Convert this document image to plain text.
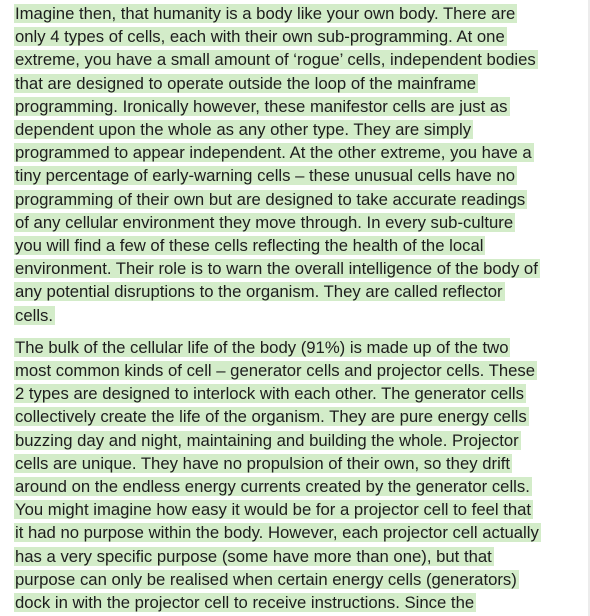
Imagine then, that humanity is a body like your own body. There are
only 4 types of cells, each with their own sub-programming. At one
extreme, you have a small amount of ‘rogue’ cells, independent bodies
that are designed to operate outside the loop of the mainframe
programming. Ironically however, these manifestor cells are just as
dependent upon the whole as any other type. They are simply
programmed to appear independent. At the other extreme, you have a
tiny percentage of early-warning cells – these unusual cells have no
programming of their own but are designed to take accurate readings
of any cellular environment they move through. In every sub-culture
you will find a few of these cells reflecting the health of the local
environment. Their role is to warn the overall intelligence of the body of
any potential disruptions to the organism. They are called reflector
cells.

The bulk of the cellular life of the body (91%) is made up of the two
most common kinds of cell – generator cells and projector cells. These
2 types are designed to interlock with each other. The generator cells
collectively create the life of the organism. They are pure energy cells
buzzing day and night, maintaining and building the whole. Projector
cells are unique. They have no propulsion of their own, so they drift
around on the endless energy currents created by the generator cells.
You might imagine how easy it would be for a projector cell to feel that
it had no purpose within the body. However, each projector cell actually
has a very specific purpose (some have more than one), but that
purpose can only be realised when certain energy cells (generators)
dock in with the projector cell to receive instructions. Since the
